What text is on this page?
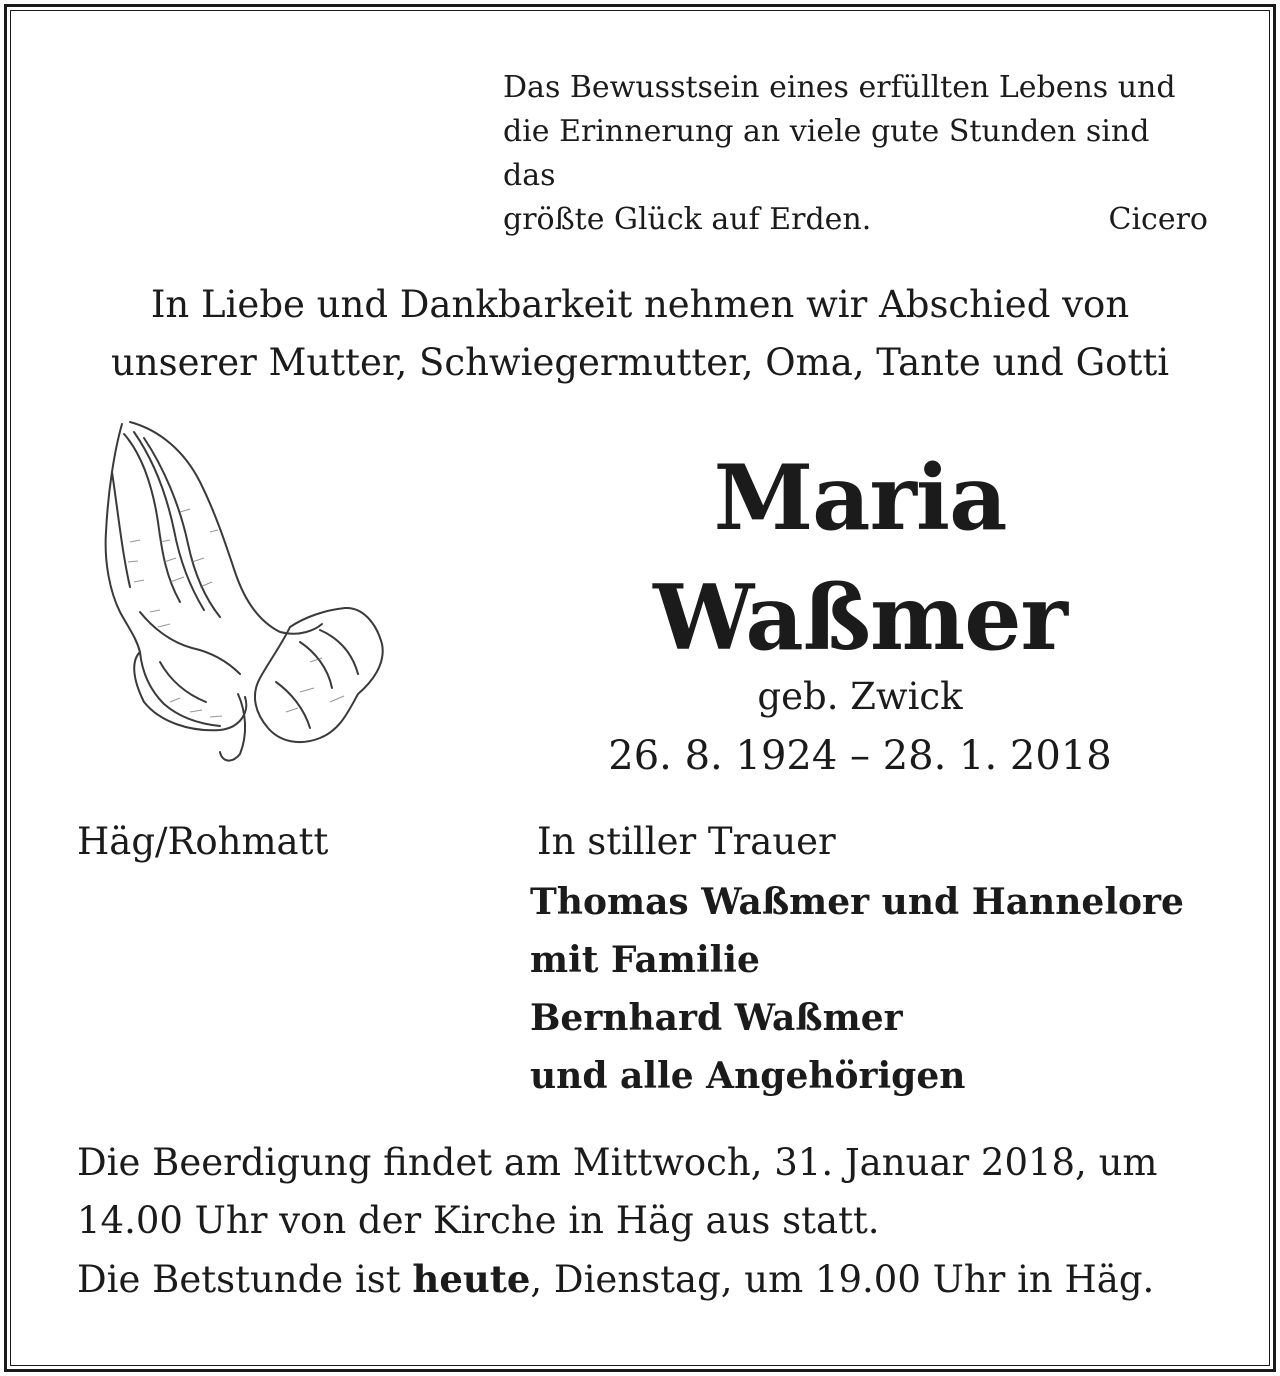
Das Bewusstsein eines erfüllten Lebens und
die Erinnerung an viele gute Stunden sind das
größte Glück auf Erden.	Cicero
In Liebe und Dankbarkeit nehmen wir Abschied von
unserer Mutter, Schwiegermutter, Oma, Tante und Gotti
Maria
Waßmer
geb. Zwick
26. 8. 1924 – 28. 1. 2018
Häg/Rohmatt	In stiller Trauer
Thomas Waßmer und Hannelore
mit Familie
Bernhard Waßmer
und alle Angehörigen
Die Beerdigung findet am Mittwoch, 31. Januar 2018, um
14.00 Uhr von der Kirche in Häg aus statt.
Die Betstunde ist heute, Dienstag, um 19.00 Uhr in Häg.
